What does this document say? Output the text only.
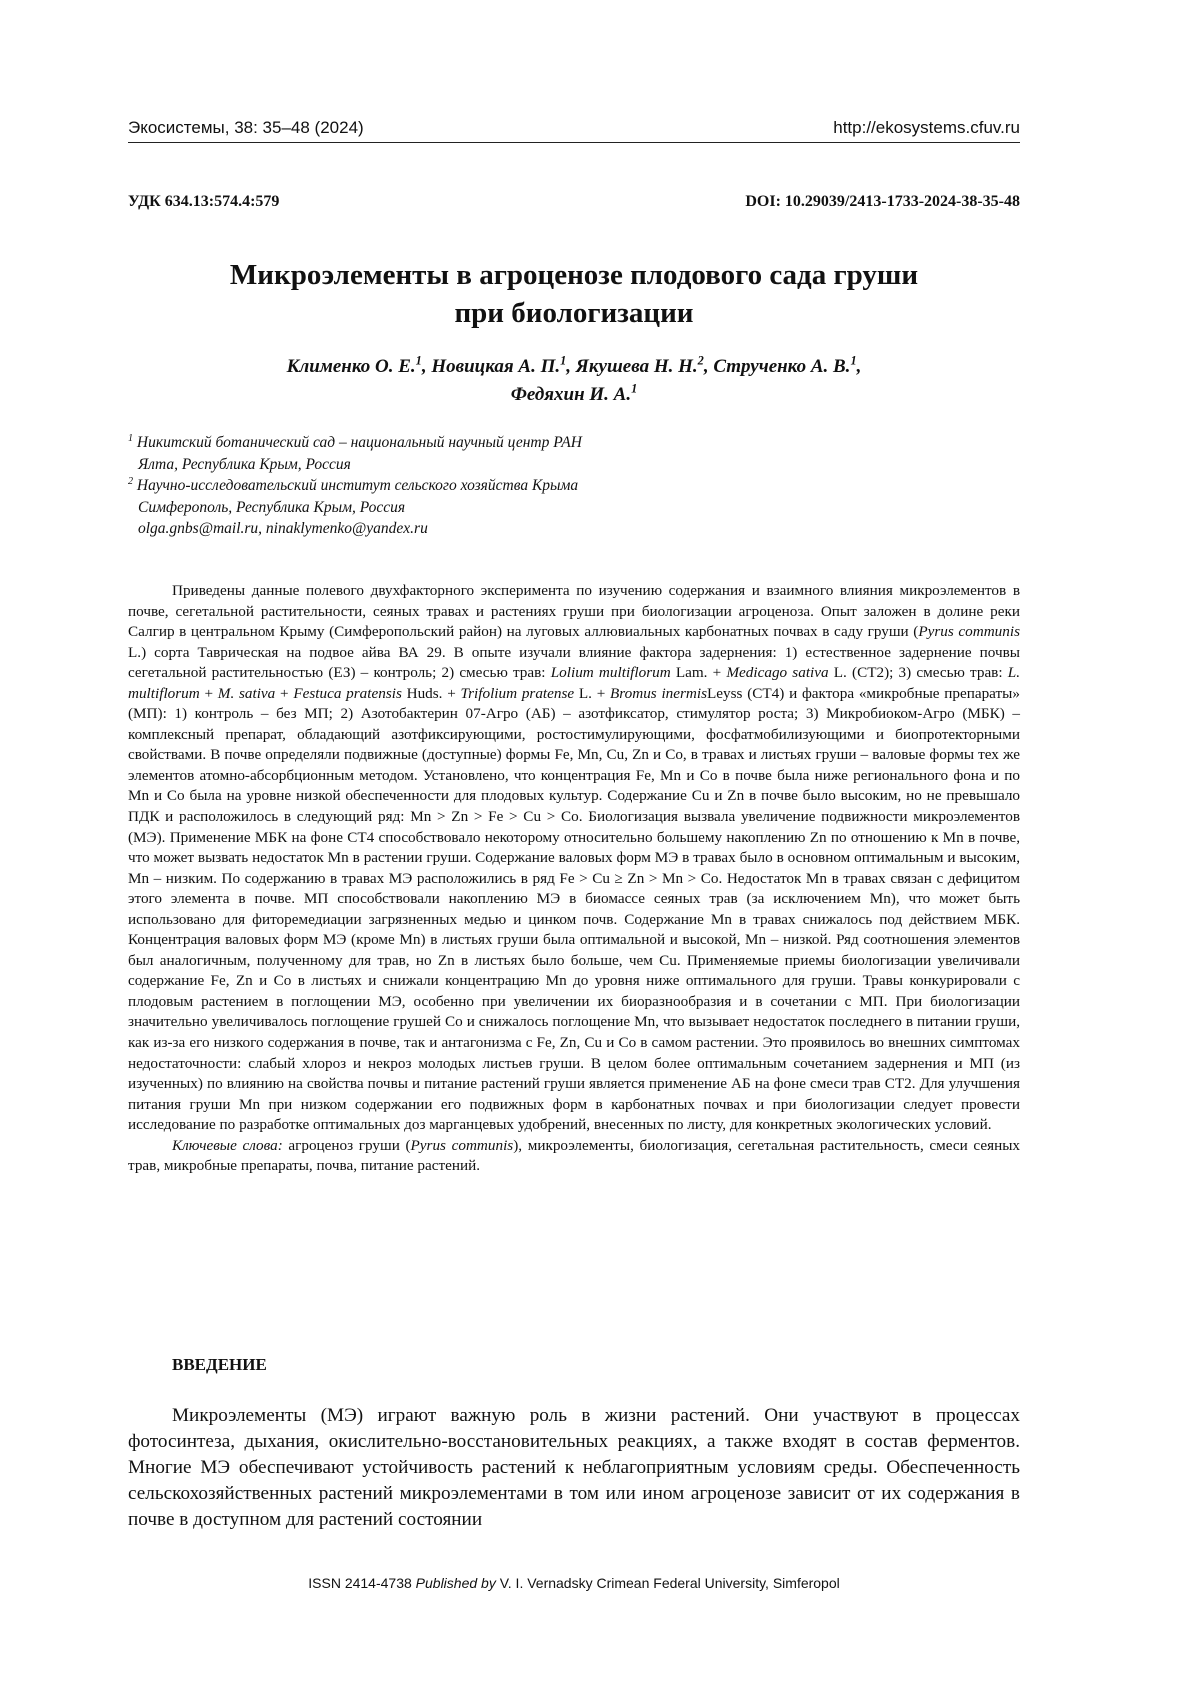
Экосистемы, 38: 35–48 (2024)	http://ekosystems.cfuv.ru
УДК 634.13:574.4:579	DOI: 10.29039/2413-1733-2024-38-35-48
Микроэлементы в агроценозе плодового сада груши
при биологизации
Клименко О. Е.$^1$, Новицкая А. П.$^1$, Якушева Н. Н.$^2$, Струченко А. В.$^1$,
Федяхин И. А.$^1$
$^1$ Никитский ботанический сад – национальный научный центр РАН
Ялта, Республика Крым, Россия
$^2$ Научно-исследовательский институт сельского хозяйства Крыма
Симферополь, Республика Крым, Россия
olga.gnbs@mail.ru, ninaklymenko@yandex.ru

Приведены данные полевого двухфакторного эксперимента по изучению содержания и взаимного влияния микроэлементов в почве, сегетальной растительности, сеяных травах и растениях груши при биологизации агроценоза. Опыт заложен в долине реки Салгир в центральном Крыму (Симферопольский район) на луговых аллювиальных карбонатных почвах в саду груши (Pyrus communis L.) сорта Таврическая на подвое айва ВА 29. В опыте изучали влияние фактора задернения: 1) естественное задернение почвы сегетальной растительностью (ЕЗ) – контроль; 2) смесью трав: Lolium multiflorum Lam. + Medicago sativa L. (СТ2); 3) смесью трав: L. multiflorum + M. sativa + Festuca pratensis Huds. + Trifolium pratense L. + Bromus inermisLeyss (СТ4) и фактора «микробные препараты» (МП): 1) контроль – без МП; 2) Азотобактерин 07-Агро (АБ) – азотфиксатор, стимулятор роста; 3) Микробиоком-Агро (МБК) – комплексный препарат, обладающий азотфиксирующими, ростостимулирующими, фосфатмобилизующими и биопротекторными свойствами. В почве определяли подвижные (доступные) формы Fe, Mn, Cu, Zn и Co, в травах и листьях груши – валовые формы тех же элементов атомно-абсорбционным методом. Установлено, что концентрация Fe, Mn и Co в почве была ниже регионального фона и по Mn и Co была на уровне низкой обеспеченности для плодовых культур. Содержание Cu и Zn в почве было высоким, но не превышало ПДК и расположилось в следующий ряд: Mn > Zn > Fe > Cu > Co. Биологизация вызвала увеличение подвижности микроэлементов (МЭ). Применение МБК на фоне СТ4 способствовало некоторому относительно большему накоплению Zn по отношению к Mn в почве, что может вызвать недостаток Mn в растении груши. Содержание валовых форм МЭ в травах было в основном оптимальным и высоким, Mn – низким. По содержанию в травах МЭ расположились в ряд Fe > Cu ≥ Zn > Mn > Co. Недостаток Mn в травах связан с дефицитом этого элемента в почве. МП способствовали накоплению МЭ в биомассе сеяных трав (за исключением Mn), что может быть использовано для фиторемедиации загрязненных медью и цинком почв. Содержание Mn в травах снижалось под действием МБК. Концентрация валовых форм МЭ (кроме Mn) в листьях груши была оптимальной и высокой, Mn – низкой. Ряд соотношения элементов был аналогичным, полученному для трав, но Zn в листьях было больше, чем Cu. Применяемые приемы биологизации увеличивали содержание Fe, Zn и Co в листьях и снижали концентрацию Mn до уровня ниже оптимального для груши. Травы конкурировали с плодовым растением в поглощении МЭ, особенно при увеличении их биоразнообразия и в сочетании с МП. При биологизации значительно увеличивалось поглощение грушей Co и снижалось поглощение Mn, что вызывает недостаток последнего в питании груши, как из-за его низкого содержания в почве, так и антагонизма с Fe, Zn, Cu и Co в самом растении. Это проявилось во внешних симптомах недостаточности: слабый хлороз и некроз молодых листьев груши. В целом более оптимальным сочетанием задернения и МП (из изученных) по влиянию на свойства почвы и питание растений груши является применение АБ на фоне смеси трав СТ2. Для улучшения питания груши Mn при низком содержании его подвижных форм в карбонатных почвах и при биологизации следует провести исследование по разработке оптимальных доз марганцевых удобрений, внесенных по листу, для конкретных экологических условий.

Ключевые слова: агроценоз груши (Pyrus communis), микроэлементы, биологизация, сегетальная растительность, смеси сеяных трав, микробные препараты, почва, питание растений.

ВВЕДЕНИЕ

Микроэлементы (МЭ) играют важную роль в жизни растений. Они участвуют в процессах фотосинтеза, дыхания, окислительно-восстановительных реакциях, а также входят в состав ферментов. Многие МЭ обеспечивают устойчивость растений к неблагоприятным условиям среды. Обеспеченность сельскохозяйственных растений микроэлементами в том или ином агроценозе зависит от их содержания в почве в доступном для растений состоянии

ISSN 2414-4738 Published by V. I. Vernadsky Crimean Federal University, Simferopol
